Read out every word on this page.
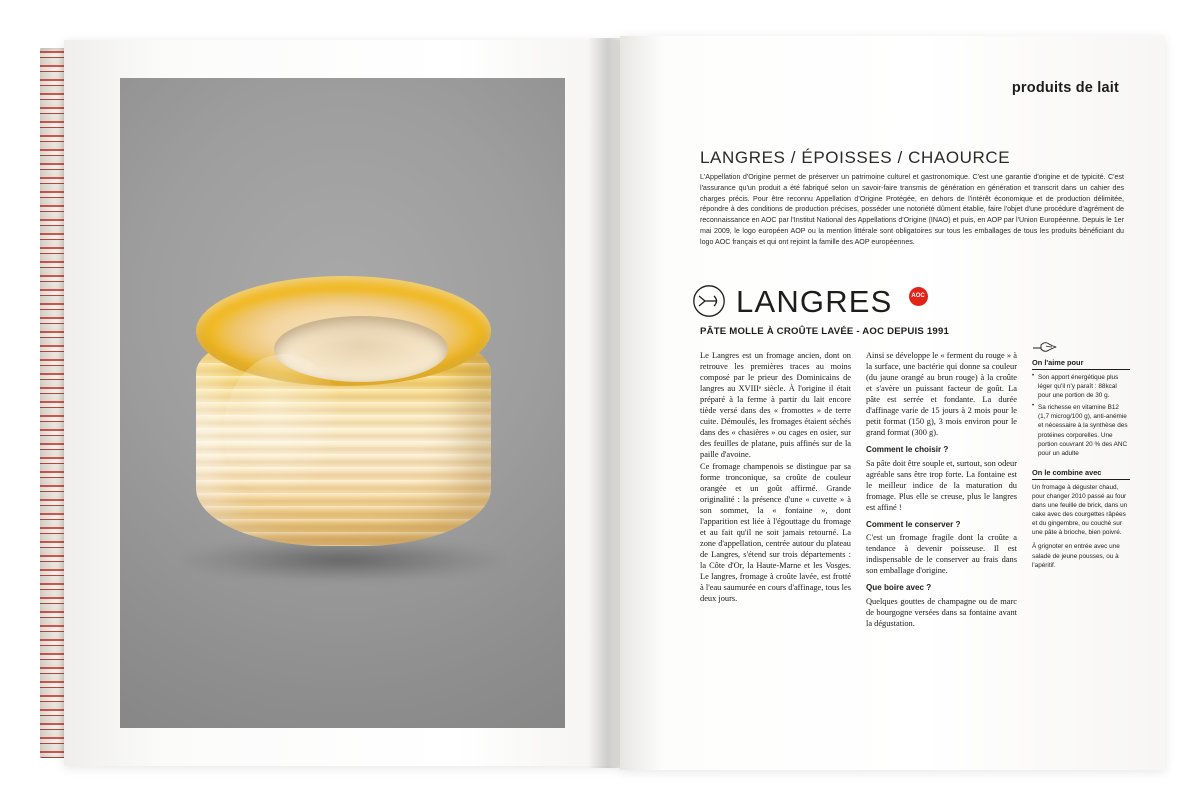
produits de lait
LANGRES / ÉPOISSES / CHAOURCE
L'Appellation d'Origine permet de préserver un patrimoine culturel et gastronomique. C'est une garantie d'origine et de typicité. C'est l'assurance qu'un produit a été fabriqué selon un savoir-faire transmis de génération en génération et transcrit dans un cahier des charges précis. Pour être reconnu Appellation d'Origine Protégée, en dehors de l'intérêt économique et de production délimitée, répondre à des conditions de production précises, posséder une notoriété dûment établie, faire l'objet d'une procédure d'agrément de reconnaissance en AOC par l'Institut National des Appellations d'Origine (INAO) et puis, en AOP par l'Union Européenne. Depuis le 1er mai 2009, le logo européen AOP ou la mention littérale sont obligatoires sur tous les emballages de tous les produits bénéficiant du logo AOC français et qui ont rejoint la famille des AOP européennes.
LANGRES	AOC
PÂTE MOLLE À CROÛTE LAVÉE - AOC DEPUIS 1991

Le Langres est un fromage ancien, dont on retrouve les premières traces au moins composé par le prieur des Dominicains de langres au XVIIIᵉ siècle. À l'origine il était préparé à la ferme à partir du lait encore tiède versé dans des « fromottes » de terre cuite. Démoulés, les fromages étaient séchés dans des « chasières » ou cages en osier, sur des feuilles de platane, puis affinés sur de la paille d'avoine.

Ce fromage champenois se distingue par sa forme tronconique, sa croûte de couleur orangée et un goût affirmé. Grande originalité : la présence d'une « cuvette » à son sommet, la « fontaine », dont l'apparition est liée à l'égouttage du fromage et au fait qu'il ne soit jamais retourné. La zone d'appellation, centrée autour du plateau de Langres, s'étend sur trois départements : la Côte d'Or, la Haute-Marne et les Vosges. Le langres, fromage à croûte lavée, est frotté à l'eau saumurée en cours d'affinage, tous les deux jours.

Ainsi se développe le « ferment du rouge » à la surface, une bactérie qui donne sa couleur (du jaune orangé au brun rouge) à la croûte et s'avère un puissant facteur de goût. La pâte est serrée et fondante. La durée d'affinage varie de 15 jours à 2 mois pour le petit format (150 g), 3 mois environ pour le grand format (300 g).

Comment le choisir ?

Sa pâte doit être souple et, surtout, son odeur agréable sans être trop forte. La fontaine est le meilleur indice de la maturation du fromage. Plus elle se creuse, plus le langres est affiné !

Comment le conserver ?

C'est un fromage fragile dont la croûte a tendance à devenir poisseuse. Il est indispensable de le conserver au frais dans son emballage d'origine.

Que boire avec ?

Quelques gouttes de champagne ou de marc de bourgogne versées dans sa fontaine avant la dégustation.

On l'aime pour
• Son apport énergétique plus léger qu'il n'y paraît : 88kcal pour une portion de 30 g.
• Sa richesse en vitamine B12 (1,7 microg/100 g), anti-anémie et nécessaire à la synthèse des protéines corporelles. Une portion couvrant 20 % des ANC pour un adulte
On le combine avec

Un fromage à déguster chaud, pour changer 2010 passé au four dans une feuille de brick, dans un cake avec des courgettes râpées et du gingembre, ou couché sur une pâte à brioche, bien poivré.

À grignoter en entrée avec une salade de jeune pousses, ou à l'apéritif.
